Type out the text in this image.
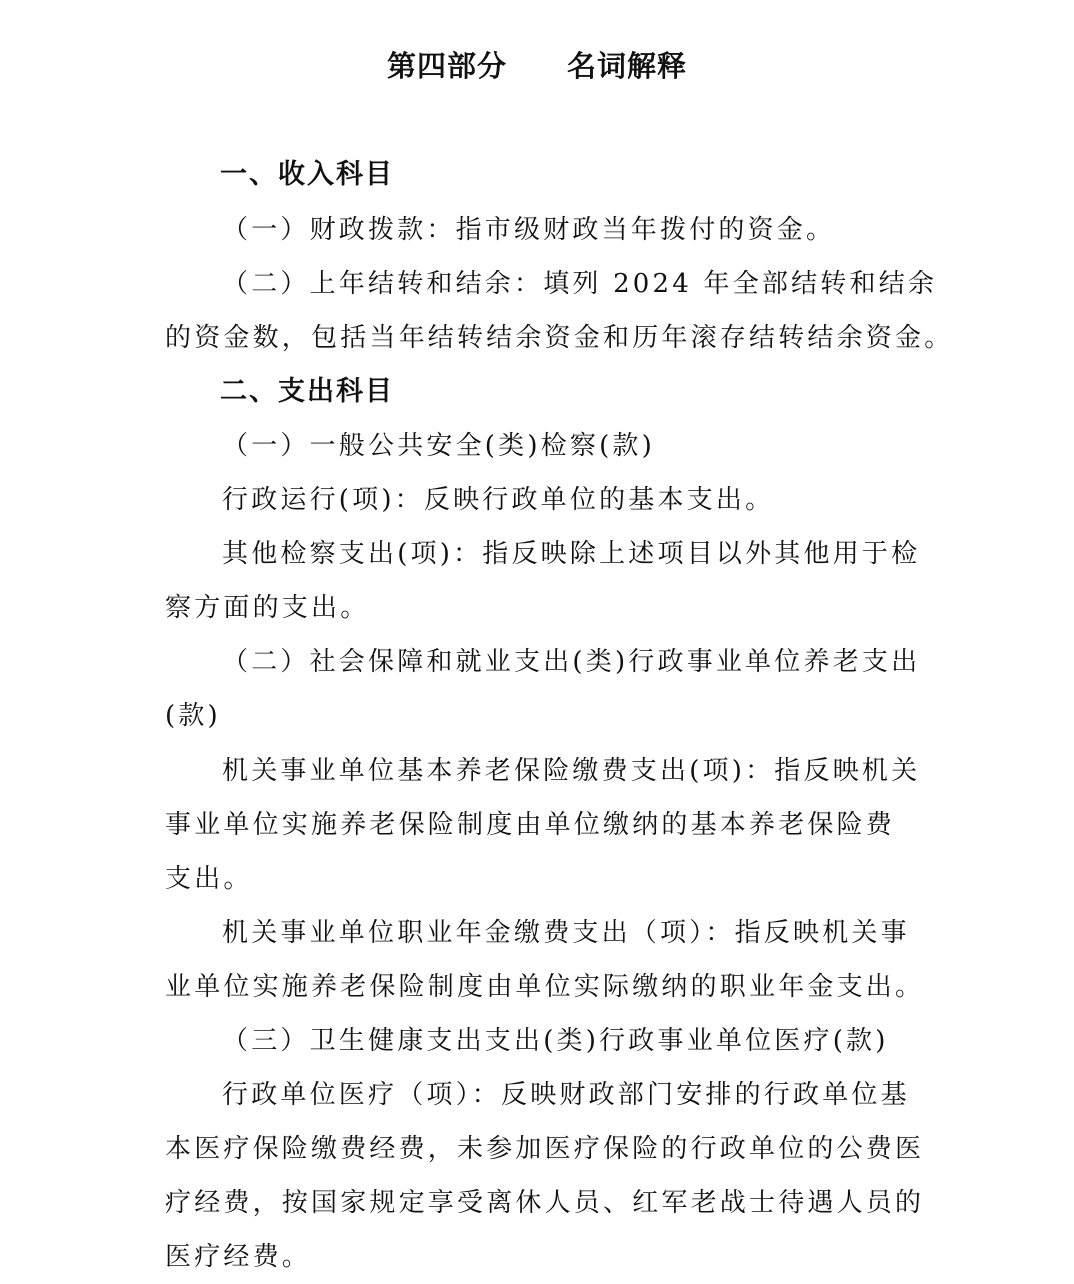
第四部分　　名词解释
一、收入科目
（一）财政拨款：指市级财政当年拨付的资金。
（二）上年结转和结余：填列 2024 年全部结转和结余
的资金数，包括当年结转结余资金和历年滚存结转结余资金。
二、支出科目
（一）一般公共安全(类)检察(款)
行政运行(项)：反映行政单位的基本支出。
其他检察支出(项)：指反映除上述项目以外其他用于检
察方面的支出。
（二）社会保障和就业支出(类)行政事业单位养老支出
(款)
机关事业单位基本养老保险缴费支出(项)：指反映机关
事业单位实施养老保险制度由单位缴纳的基本养老保险费
支出。
机关事业单位职业年金缴费支出（项）：指反映机关事
业单位实施养老保险制度由单位实际缴纳的职业年金支出。
（三）卫生健康支出支出(类)行政事业单位医疗(款)
行政单位医疗（项）：反映财政部门安排的行政单位基
本医疗保险缴费经费，未参加医疗保险的行政单位的公费医
疗经费，按国家规定享受离休人员、红军老战士待遇人员的
医疗经费。
